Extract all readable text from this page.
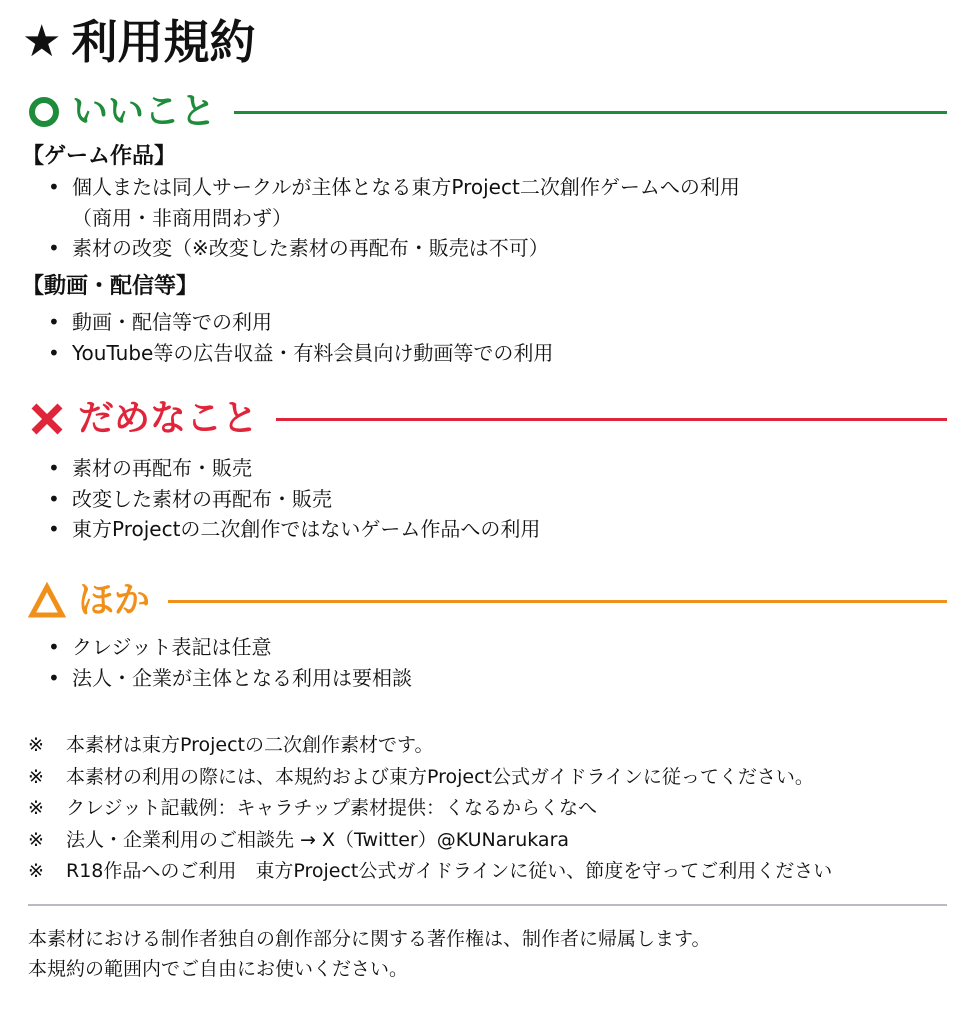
★ 利用規約
いいこと
【ゲーム作品】
• 個人または同人サークルが主体となる東方Project二次創作ゲームへの利用
（商用・非商用問わず）
• 素材の改変（※改変した素材の再配布・販売は不可）
【動画・配信等】
• 動画・配信等での利用
• YouTube等の広告収益・有料会員向け動画等での利用
だめなこと
• 素材の再配布・販売
• 改変した素材の再配布・販売
• 東方Projectの二次創作ではないゲーム作品への利用
ほか
• クレジット表記は任意
• 法人・企業が主体となる利用は要相談
※	本素材は東方Projectの二次創作素材です。
※	本素材の利用の際には、本規約および東方Project公式ガイドラインに従ってください。
※	クレジット記載例：キャラチップ素材提供：くなるからくなへ
※	法人・企業利用のご相談先 → X（Twitter）@KUNarukara
※	R18作品へのご利用　東方Project公式ガイドラインに従い、節度を守ってご利用ください
本素材における制作者独自の創作部分に関する著作権は、制作者に帰属します。
本規約の範囲内でご自由にお使いください。
